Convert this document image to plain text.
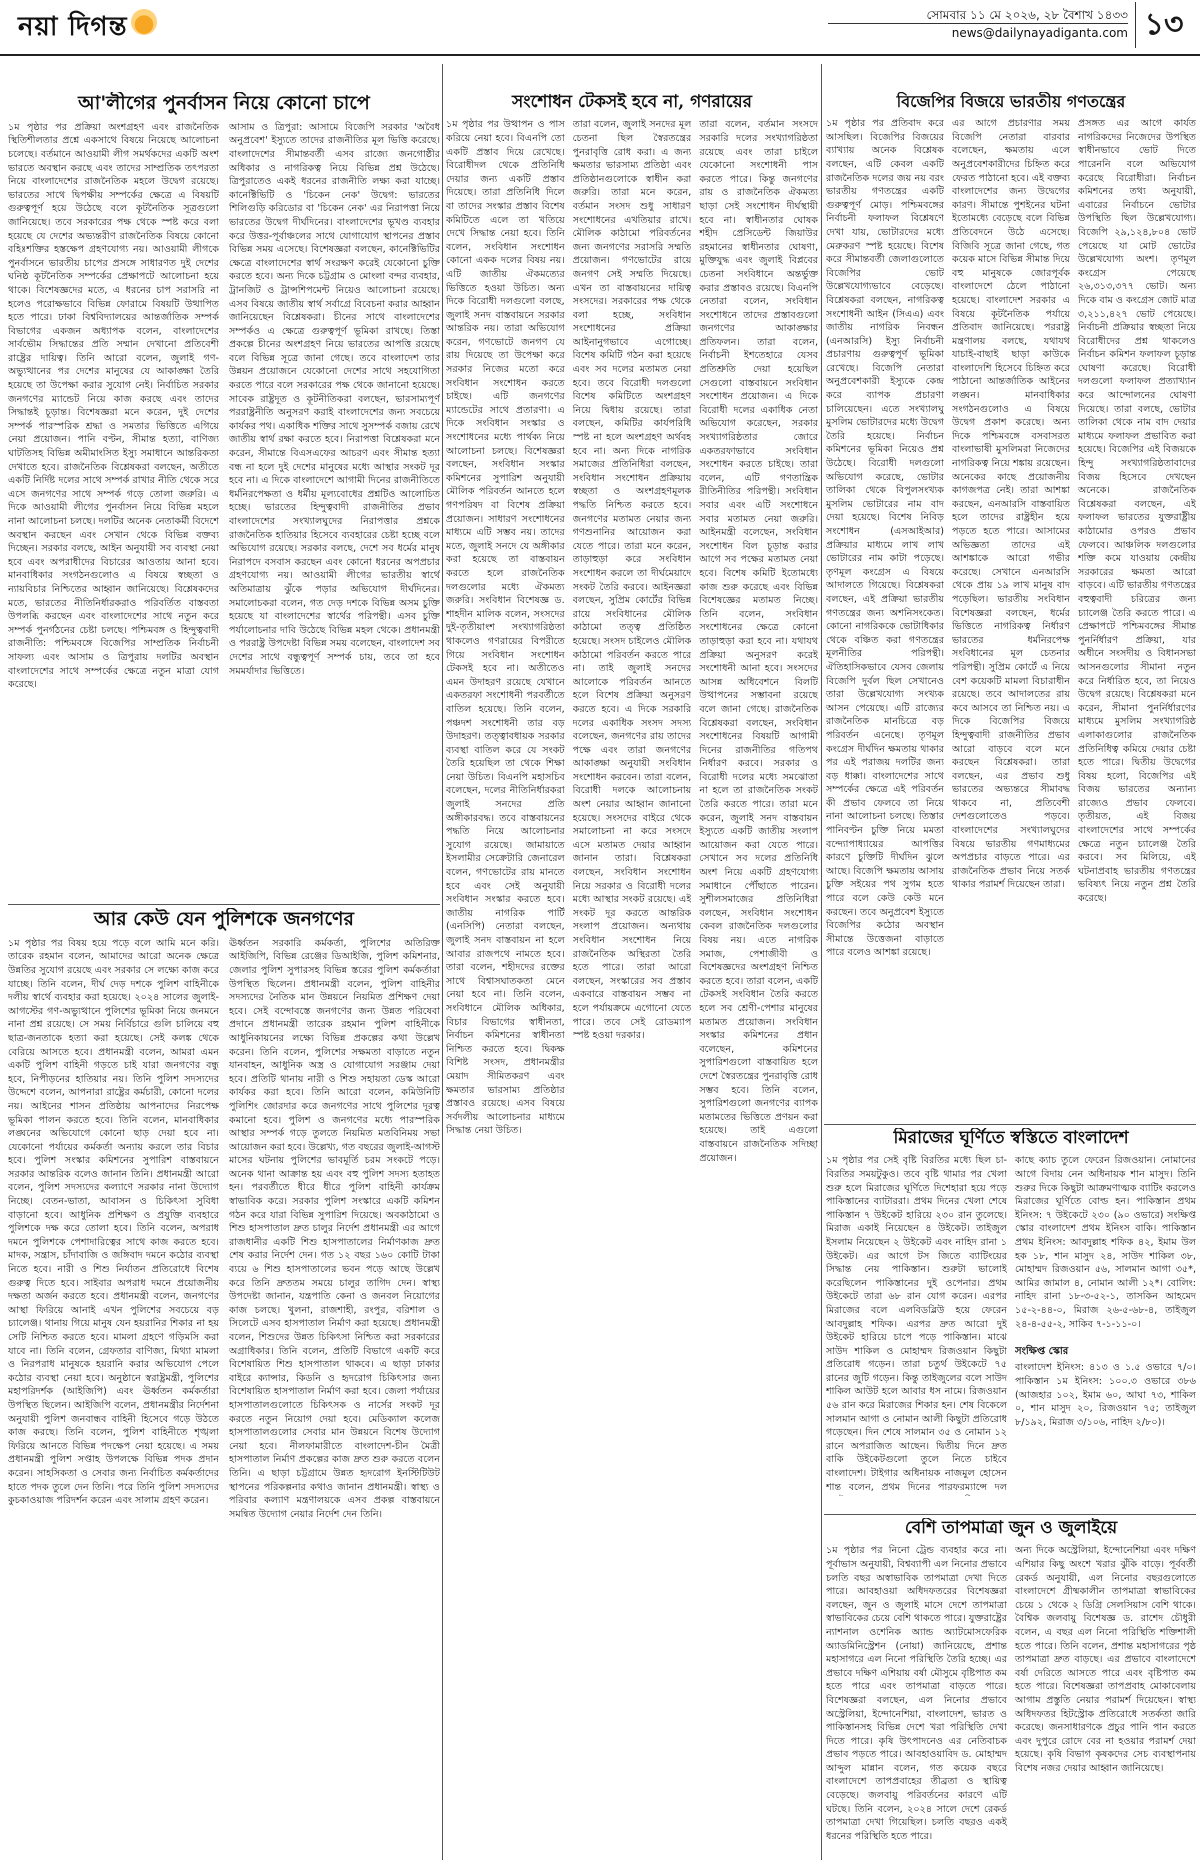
নয়া দিগন্ত	সোমবার ১১ মে ২০২৬, ২৮ বৈশাখ ১৪৩৩
news@dailynayadiganta.com ১৩
আ'লীগের পুনর্বাসন নিয়ে কোনো চাপে
১ম পৃষ্ঠার পর প্রক্রিয়া অংশগ্রহণ এবং রাজনৈতিক স্থিতিশীলতার প্রশ্নে একসাথে বিষয়ে নিয়েছে আলোচনা চলেছে। বর্তমানে আওয়ামী লীগ সমর্থকদের একটি অংশ ভারতে অবস্থান করছে এবং তাদের সাম্প্রতিক তৎপরতা নিয়ে বাংলাদেশের রাজনৈতিক মহলে উদ্বেগ রয়েছে। ভারতের সাথে দ্বিপক্ষীয় সম্পর্কের ক্ষেত্রে এ বিষয়টি গুরুত্বপূর্ণ হয়ে উঠেছে বলে কূটনৈতিক সূত্রগুলো জানিয়েছে। তবে সরকারের পক্ষ থেকে স্পষ্ট করে বলা হয়েছে যে দেশের অভ্যন্তরীণ রাজনৈতিক বিষয়ে কোনো বহিঃশক্তির হস্তক্ষেপ গ্রহণযোগ্য নয়। আওয়ামী লীগকে পুনর্বাসনে ভারতীয় চাপের প্রসঙ্গে সাধারণত দুই দেশের ঘনিষ্ঠ কূটনৈতিক সম্পর্কের প্রেক্ষাপটে আলোচনা হয়ে থাকে। বিশেষজ্ঞদের মতে, এ ধরনের চাপ সরাসরি না হলেও পরোক্ষভাবে বিভিন্ন ফোরামে বিষয়টি উত্থাপিত হতে পারে। ঢাকা বিশ্ববিদ্যালয়ের আন্তর্জাতিক সম্পর্ক বিভাগের একজন অধ্যাপক বলেন, বাংলাদেশের সার্বভৌম সিদ্ধান্তের প্রতি সম্মান দেখানো প্রতিবেশী রাষ্ট্রের দায়িত্ব। তিনি আরো বলেন, জুলাই গণ-অভ্যুত্থানের পর দেশের মানুষের যে আকাঙ্ক্ষা তৈরি হয়েছে তা উপেক্ষা করার সুযোগ নেই। নির্বাচিত সরকার জনগণের ম্যান্ডেট নিয়ে কাজ করছে এবং তাদের সিদ্ধান্তই চূড়ান্ত। বিশেষজ্ঞরা মনে করেন, দুই দেশের সম্পর্ক পারস্পরিক শ্রদ্ধা ও সমতার ভিত্তিতে এগিয়ে নেয়া প্রয়োজন। পানি বণ্টন, সীমান্ত হত্যা, বাণিজ্য ঘাটতিসহ বিভিন্ন অমীমাংসিত ইস্যু সমাধানে আন্তরিকতা দেখাতে হবে। রাজনৈতিক বিশ্লেষকরা বলছেন, অতীতে একটি নির্দিষ্ট দলের সাথে সম্পর্ক রাখার নীতি থেকে সরে এসে জনগণের সাথে সম্পর্ক গড়ে তোলা জরুরি। এ দিকে আওয়ামী লীগের পুনর্বাসন নিয়ে বিভিন্ন মহলে নানা আলোচনা চলছে। দলটির অনেক নেতাকর্মী বিদেশে অবস্থান করছেন এবং সেখান থেকে বিভিন্ন বক্তব্য দিচ্ছেন। সরকার বলছে, আইন অনুযায়ী সব ব্যবস্থা নেয়া হবে এবং অপরাধীদের বিচারের আওতায় আনা হবে। মানবাধিকার সংগঠনগুলোও এ বিষয়ে স্বচ্ছতা ও ন্যায়বিচার নিশ্চিতের আহ্বান জানিয়েছে। বিশ্লেষকদের মতে, ভারতের নীতিনির্ধারকরাও পরিবর্তিত বাস্তবতা উপলব্ধি করছেন এবং বাংলাদেশের সাথে নতুন করে সম্পর্ক পুনর্গঠনের চেষ্টা চলছে। পশ্চিমবঙ্গ ও হিন্দুত্ববাদী রাজনীতি: পশ্চিমবঙ্গে বিজেপির সাম্প্রতিক নির্বাচনী সাফল্য এবং আসাম ও ত্রিপুরায় দলটির অবস্থান বাংলাদেশের সাথে সম্পর্কের ক্ষেত্রে নতুন মাত্রা যোগ করেছে।
আসাম ও ত্রিপুরা: আসামে বিজেপি সরকার 'অবৈধ অনুপ্রবেশ' ইস্যুতে তাদের রাজনীতির মূল ভিত্তি করেছে। বাংলাদেশের সীমান্তবর্তী এসব রাজ্যে জনগোষ্ঠীর অধিকার ও নাগরিকত্ব নিয়ে বিভিন্ন প্রশ্ন উঠেছে। ত্রিপুরাতেও একই ধরনের রাজনীতি লক্ষ্য করা যাচ্ছে। কানেক্টিভিটি ও 'চিকেন নেক' উদ্বেগ: ভারতের শিলিগুড়ি করিডোর বা 'চিকেন নেক' এর নিরাপত্তা নিয়ে ভারতের উদ্বেগ দীর্ঘদিনের। বাংলাদেশের ভূখণ্ড ব্যবহার করে উত্তর-পূর্বাঞ্চলের সাথে যোগাযোগ স্থাপনের প্রস্তাব বিভিন্ন সময় এসেছে। বিশেষজ্ঞরা বলছেন, কানেক্টিভিটির ক্ষেত্রে বাংলাদেশের স্বার্থ সংরক্ষণ করেই যেকোনো চুক্তি করতে হবে। অন্য দিকে চট্টগ্রাম ও মোংলা বন্দর ব্যবহার, ট্রানজিট ও ট্রান্সশিপমেন্ট নিয়েও আলোচনা রয়েছে। এসব বিষয়ে জাতীয় স্বার্থ সর্বাগ্রে বিবেচনা করার আহ্বান জানিয়েছেন বিশ্লেষকরা। চীনের সাথে বাংলাদেশের সম্পর্কও এ ক্ষেত্রে গুরুত্বপূর্ণ ভূমিকা রাখছে। তিস্তা প্রকল্পে চীনের অংশগ্রহণ নিয়ে ভারতের আপত্তি রয়েছে বলে বিভিন্ন সূত্রে জানা গেছে। তবে বাংলাদেশ তার উন্নয়ন প্রয়োজনে যেকোনো দেশের সাথে সহযোগিতা করতে পারে বলে সরকারের পক্ষ থেকে জানানো হয়েছে। সাবেক রাষ্ট্রদূত ও কূটনীতিকরা বলছেন, ভারসাম্যপূর্ণ পররাষ্ট্রনীতি অনুসরণ করাই বাংলাদেশের জন্য সবচেয়ে কার্যকর পথ। একাধিক শক্তির সাথে সুসম্পর্ক বজায় রেখে জাতীয় স্বার্থ রক্ষা করতে হবে। নিরাপত্তা বিশ্লেষকরা মনে করেন, সীমান্তে বিএসএফের আচরণ এবং সীমান্ত হত্যা বন্ধ না হলে দুই দেশের মানুষের মধ্যে আস্থার সংকট দূর হবে না। এ দিকে বাংলাদেশে আগামী দিনের রাজনীতিতে ধর্মনিরপেক্ষতা ও ধর্মীয় মূল্যবোধের প্রশ্নটিও আলোচিত হচ্ছে। ভারতের হিন্দুত্ববাদী রাজনীতির প্রভাব বাংলাদেশের সংখ্যালঘুদের নিরাপত্তার প্রশ্নকে রাজনৈতিক হাতিয়ার হিসেবে ব্যবহারের চেষ্টা হচ্ছে বলে অভিযোগ রয়েছে। সরকার বলছে, দেশে সব ধর্মের মানুষ নিরাপদে বসবাস করছেন এবং কোনো ধরনের অপপ্রচার গ্রহণযোগ্য নয়। আওয়ামী লীগের ভারতীয় স্বার্থে অতিমাত্রায় ঝুঁকে পড়ার অভিযোগ দীর্ঘদিনের। সমালোচকরা বলেন, গত দেড় দশকে বিভিন্ন অসম চুক্তি হয়েছে যা বাংলাদেশের স্বার্থের পরিপন্থী। এসব চুক্তি পর্যালোচনার দাবি উঠেছে বিভিন্ন মহল থেকে। প্রধানমন্ত্রী ও পররাষ্ট্র উপদেষ্টা বিভিন্ন সময় বলেছেন, বাংলাদেশ সব দেশের সাথে বন্ধুত্বপূর্ণ সম্পর্ক চায়, তবে তা হবে সমমর্যাদার ভিত্তিতে।
আর কেউ যেন পুলিশকে জনগণের
১ম পৃষ্ঠার পর বিষয় হয়ে পড়ে বলে আমি মনে করি। তারেক রহমান বলেন, আমাদের আরো অনেক ক্ষেত্রে উন্নতির সুযোগ রয়েছে এবং সরকার সে লক্ষ্যে কাজ করে যাচ্ছে। তিনি বলেন, দীর্ঘ দেড় দশকে পুলিশ বাহিনীকে দলীয় স্বার্থে ব্যবহার করা হয়েছে। ২০২৪ সালের জুলাই-আগস্টের গণ-অভ্যুত্থানে পুলিশের ভূমিকা নিয়ে জনমনে নানা প্রশ্ন রয়েছে। সে সময় নির্বিচারে গুলি চালিয়ে বহু ছাত্র-জনতাকে হত্যা করা হয়েছে। সেই কলঙ্ক থেকে বেরিয়ে আসতে হবে। প্রধানমন্ত্রী বলেন, আমরা এমন একটি পুলিশ বাহিনী গড়তে চাই যারা জনগণের বন্ধু হবে, নিপীড়নের হাতিয়ার নয়। তিনি পুলিশ সদস্যদের উদ্দেশে বলেন, আপনারা রাষ্ট্রের কর্মচারী, কোনো দলের নয়। আইনের শাসন প্রতিষ্ঠায় আপনাদের নিরপেক্ষ ভূমিকা পালন করতে হবে। তিনি বলেন, মানবাধিকার লঙ্ঘনের অভিযোগে কোনো ছাড় দেয়া হবে না। যেকোনো পর্যায়ের কর্মকর্তা অন্যায় করলে তার বিচার হবে। পুলিশ সংস্কার কমিশনের সুপারিশ বাস্তবায়নে সরকার আন্তরিক বলেও জানান তিনি। প্রধানমন্ত্রী আরো বলেন, পুলিশ সদস্যদের কল্যাণে সরকার নানা উদ্যোগ নিচ্ছে। বেতন-ভাতা, আবাসন ও চিকিৎসা সুবিধা বাড়ানো হবে। আধুনিক প্রশিক্ষণ ও প্রযুক্তি ব্যবহারে পুলিশকে দক্ষ করে তোলা হবে। তিনি বলেন, অপরাধ দমনে পুলিশকে পেশাদারিত্বের সাথে কাজ করতে হবে। মাদক, সন্ত্রাস, চাঁদাবাজি ও জঙ্গিবাদ দমনে কঠোর ব্যবস্থা নিতে হবে। নারী ও শিশু নির্যাতন প্রতিরোধে বিশেষ গুরুত্ব দিতে হবে। সাইবার অপরাধ দমনে প্রয়োজনীয় দক্ষতা অর্জন করতে হবে। প্রধানমন্ত্রী বলেন, জনগণের আস্থা ফিরিয়ে আনাই এখন পুলিশের সবচেয়ে বড় চ্যালেঞ্জ। থানায় গিয়ে মানুষ যেন হয়রানির শিকার না হয় সেটি নিশ্চিত করতে হবে। মামলা গ্রহণে গড়িমসি করা যাবে না। তিনি বলেন, গ্রেফতার বাণিজ্য, মিথ্যা মামলা ও নিরপরাধ মানুষকে হয়রানি করার অভিযোগ পেলে কঠোর ব্যবস্থা নেয়া হবে। অনুষ্ঠানে স্বরাষ্ট্রমন্ত্রী, পুলিশের মহাপরিদর্শক (আইজিপি) এবং ঊর্ধ্বতন কর্মকর্তারা উপস্থিত ছিলেন। আইজিপি বলেন, প্রধানমন্ত্রীর নির্দেশনা অনুযায়ী পুলিশ জনবান্ধব বাহিনী হিসেবে গড়ে উঠতে কাজ করছে। তিনি বলেন, পুলিশ বাহিনীতে শৃঙ্খলা ফিরিয়ে আনতে বিভিন্ন পদক্ষেপ নেয়া হয়েছে। এ সময় প্রধানমন্ত্রী পুলিশ সপ্তাহ উপলক্ষে বিভিন্ন পদক প্রদান করেন। সাহসিকতা ও সেবার জন্য নির্বাচিত কর্মকর্তাদের হাতে পদক তুলে দেন তিনি। পরে তিনি পুলিশ সদস্যদের কুচকাওয়াজ পরিদর্শন করেন এবং সালাম গ্রহণ করেন।
ঊর্ধ্বতন সরকারি কর্মকর্তা, পুলিশের অতিরিক্ত আইজিপি, বিভিন্ন রেঞ্জের ডিআইজি, পুলিশ কমিশনার, জেলার পুলিশ সুপারসহ বিভিন্ন স্তরের পুলিশ কর্মকর্তারা উপস্থিত ছিলেন। প্রধানমন্ত্রী বলেন, পুলিশ বাহিনীর সদস্যদের নৈতিক মান উন্নয়নে নিয়মিত প্রশিক্ষণ দেয়া হবে। সেই বন্দোবস্তে জনগণের জন্য উন্নত পরিষেবা প্রদানে প্রধানমন্ত্রী তারেক রহমান পুলিশ বাহিনীকে আধুনিকায়নের লক্ষ্যে বিভিন্ন প্রকল্পের কথা উল্লেখ করেন। তিনি বলেন, পুলিশের সক্ষমতা বাড়াতে নতুন যানবাহন, আধুনিক অস্ত্র ও যোগাযোগ সরঞ্জাম দেয়া হবে। প্রতিটি থানায় নারী ও শিশু সহায়তা ডেস্ক আরো কার্যকর করা হবে। তিনি আরো বলেন, কমিউনিটি পুলিশিং জোরদার করে জনগণের সাথে পুলিশের দূরত্ব কমানো হবে। পুলিশ ও জনগণের মধ্যে পারস্পরিক আস্থার সম্পর্ক গড়ে তুলতে নিয়মিত মতবিনিময় সভা আয়োজন করা হবে। উল্লেখ্য, গত বছরের জুলাই-আগস্ট মাসের ঘটনায় পুলিশের ভাবমূর্তি চরম সংকটে পড়ে। অনেক থানা আক্রান্ত হয় এবং বহু পুলিশ সদস্য হতাহত হন। পরবর্তীতে ধীরে ধীরে পুলিশ বাহিনী কার্যক্রম স্বাভাবিক করে। সরকার পুলিশ সংস্কারে একটি কমিশন গঠন করে যারা বিভিন্ন সুপারিশ দিয়েছে। অবকাঠামো ও শিশু হাসপাতাল দ্রুত চালুর নির্দেশ প্রধানমন্ত্রী এর আগে রাজধানীর একটি শিশু হাসপাতালের নির্মাণকাজ দ্রুত শেষ করার নির্দেশ দেন। গত ১২ বছর ১৬০ কোটি টাকা ব্যয়ে ৬ শিশু হাসপাতালের ভবন পড়ে আছে উল্লেখ করে তিনি দ্রুততম সময়ে চালুর তাগিদ দেন। স্বাস্থ্য উপদেষ্টা জানান, যন্ত্রপাতি কেনা ও জনবল নিয়োগের কাজ চলছে। খুলনা, রাজশাহী, রংপুর, বরিশাল ও সিলেটে এসব হাসপাতাল নির্মাণ করা হয়েছে। প্রধানমন্ত্রী বলেন, শিশুদের উন্নত চিকিৎসা নিশ্চিত করা সরকারের অগ্রাধিকার। তিনি বলেন, প্রতিটি বিভাগে একটি করে বিশেষায়িত শিশু হাসপাতাল থাকবে। এ ছাড়া ঢাকার বাইরে ক্যান্সার, কিডনি ও হৃদরোগ চিকিৎসার জন্য বিশেষায়িত হাসপাতাল নির্মাণ করা হবে। জেলা পর্যায়ের হাসপাতালগুলোতে চিকিৎসক ও নার্সের সংকট দূর করতে নতুন নিয়োগ দেয়া হবে। মেডিক্যাল কলেজ হাসপাতালগুলোর সেবার মান উন্নয়নে বিশেষ উদ্যোগ নেয়া হবে। নীলফামারীতে বাংলাদেশ-চীন মৈত্রী হাসপাতাল নির্মাণ প্রকল্পের কাজ দ্রুত শুরু করতে বলেন তিনি। এ ছাড়া চট্টগ্রামে উন্নত হৃদরোগ ইনস্টিটিউট স্থাপনের পরিকল্পনার কথাও জানান প্রধানমন্ত্রী। স্বাস্থ্য ও পরিবার কল্যাণ মন্ত্রণালয়কে এসব প্রকল্প বাস্তবায়নে সমন্বিত উদ্যোগ নেয়ার নির্দেশ দেন তিনি।
সংশোধন টেকসই হবে না, গণরায়ের
১ম পৃষ্ঠার পর উত্থাপন ও পাস করিয়ে নেয়া হবে। বিএনপি তো একটি প্রস্তাব দিয়ে রেখেছে। বিরোধীদল থেকে প্রতিনিধি দেয়ার জন্য একটি প্রস্তাব দিয়েছে। তারা প্রতিনিধি দিলে বা তাদের সংস্কার প্রস্তাব বিশেষ কমিটিতে এলে তা খতিয়ে দেখে সিদ্ধান্ত নেয়া হবে। তিনি বলেন, সংবিধান সংশোধন কোনো একক দলের বিষয় নয়। এটি জাতীয় ঐকমত্যের ভিত্তিতে হওয়া উচিত। অন্য দিকে বিরোধী দলগুলো বলছে, জুলাই সনদ বাস্তবায়নে সরকার আন্তরিক নয়। তারা অভিযোগ করেন, গণভোটে জনগণ যে রায় দিয়েছে তা উপেক্ষা করে সরকার নিজের মতো করে সংবিধান সংশোধন করতে চাইছে। এটি জনগণের ম্যান্ডেটের সাথে প্রতারণা। এ দিকে সংবিধান সংস্কার ও সংশোধনের মধ্যে পার্থক্য নিয়ে আলোচনা চলছে। বিশেষজ্ঞরা বলছেন, সংবিধান সংস্কার কমিশনের সুপারিশ অনুযায়ী মৌলিক পরিবর্তন আনতে হলে গণপরিষদ বা বিশেষ প্রক্রিয়া প্রয়োজন। সাধারণ সংশোধনের মাধ্যমে এটি সম্ভব নয়। তাদের মতে, জুলাই সনদে যে অঙ্গীকার করা হয়েছে তা বাস্তবায়ন করতে হলে রাজনৈতিক দলগুলোর মধ্যে ঐকমত্য জরুরি। সংবিধান বিশেষজ্ঞ ড. শাহদীন মালিক বলেন, সংসদের দুই-তৃতীয়াংশ সংখ্যাগরিষ্ঠতা থাকলেও গণরায়ের বিপরীতে গিয়ে সংবিধান সংশোধন টেকসই হবে না। অতীতেও এমন উদাহরণ রয়েছে যেখানে একতরফা সংশোধনী পরবর্তীতে বাতিল হয়েছে। তিনি বলেন, পঞ্চদশ সংশোধনী তার বড় উদাহরণ। তত্ত্বাবধায়ক সরকার ব্যবস্থা বাতিল করে যে সংকট তৈরি হয়েছিল তা থেকে শিক্ষা নেয়া উচিত। বিএনপি মহাসচিব বলেছেন, দলের নীতিনির্ধারকরা জুলাই সনদের প্রতি অঙ্গীকারবদ্ধ। তবে বাস্তবায়নের পদ্ধতি নিয়ে আলোচনার সুযোগ রয়েছে। জামায়াতে ইসলামীর সেক্রেটারি জেনারেল বলেন, গণভোটের রায় মানতে হবে এবং সেই অনুযায়ী সংবিধান সংস্কার করতে হবে। জাতীয় নাগরিক পার্টি (এনসিপি) নেতারা বলছেন, জুলাই সনদ বাস্তবায়ন না হলে আবার রাজপথে নামতে হবে। তারা বলেন, শহীদদের রক্তের সাথে বিশ্বাসঘাতকতা মেনে নেয়া হবে না। তিনি বলেন, সংবিধানে মৌলিক অধিকার, বিচার বিভাগের স্বাধীনতা, নির্বাচন কমিশনের স্বাধীনতা নিশ্চিত করতে হবে। দ্বিকক্ষ বিশিষ্ট সংসদ, প্রধানমন্ত্রীর মেয়াদ সীমিতকরণ এবং ক্ষমতার ভারসাম্য প্রতিষ্ঠার প্রস্তাবও রয়েছে। এসব বিষয়ে সর্বদলীয় আলোচনার মাধ্যমে সিদ্ধান্ত নেয়া উচিত।
তারা বলেন, জুলাই সনদের মূল চেতনা ছিল স্বৈরতন্ত্রের পুনরাবৃত্তি রোধ করা। এ জন্য ক্ষমতার ভারসাম্য প্রতিষ্ঠা এবং প্রতিষ্ঠানগুলোকে স্বাধীন করা জরুরি। তারা মনে করেন, বর্তমান সংসদ শুধু সাধারণ সংশোধনের এখতিয়ার রাখে। মৌলিক কাঠামো পরিবর্তনের জন্য জনগণের সরাসরি সম্মতি প্রয়োজন। গণভোটের রায়ে জনগণ সেই সম্মতি দিয়েছে। এখন তা বাস্তবায়নের দায়িত্ব সংসদের। সরকারের পক্ষ থেকে বলা হচ্ছে, সংবিধান সংশোধনের প্রক্রিয়া আইনানুগভাবে এগোচ্ছে। বিশেষ কমিটি গঠন করা হয়েছে এবং সব দলের মতামত নেয়া হবে। তবে বিরোধী দলগুলো বিশেষ কমিটিতে অংশগ্রহণ নিয়ে দ্বিধায় রয়েছে। তারা বলছেন, কমিটির কার্যপরিধি স্পষ্ট না হলে অংশগ্রহণ অর্থবহ হবে না। অন্য দিকে নাগরিক সমাজের প্রতিনিধিরা বলছেন, সংবিধান সংশোধন প্রক্রিয়ায় স্বচ্ছতা ও অংশগ্রহণমূলক পদ্ধতি নিশ্চিত করতে হবে। জনগণের মতামত নেয়ার জন্য গণশুনানির আয়োজন করা যেতে পারে। তারা মনে করেন, তাড়াহুড়া করে সংবিধান সংশোধন করলে তা দীর্ঘমেয়াদে সংকট তৈরি করবে। আইনজ্ঞরা বলছেন, সুপ্রিম কোর্টের বিভিন্ন রায়ে সংবিধানের মৌলিক কাঠামো তত্ত্ব প্রতিষ্ঠিত হয়েছে। সংসদ চাইলেও মৌলিক কাঠামো পরিবর্তন করতে পারে না। তাই জুলাই সনদের আলোকে পরিবর্তন আনতে হলে বিশেষ প্রক্রিয়া অনুসরণ করতে হবে। এ দিকে সরকারি দলের একাধিক সংসদ সদস্য বলেছেন, জনগণের রায় তাদের পক্ষে এবং তারা জনগণের আকাঙ্ক্ষা অনুযায়ী সংবিধান সংশোধন করবেন। তারা বলেন, বিরোধী দলকে আলোচনায় অংশ নেয়ার আহ্বান জানানো হয়েছে। সংসদের বাইরে থেকে সমালোচনা না করে সংসদে এসে মতামত দেয়ার আহ্বান জানান তারা। বিশ্লেষকরা বলছেন, সংবিধান সংশোধন নিয়ে সরকার ও বিরোধী দলের মধ্যে আস্থার সংকট রয়েছে। এই সংকট দূর করতে আন্তরিক সংলাপ প্রয়োজন। অন্যথায় সংবিধান সংশোধন নিয়ে রাজনৈতিক অস্থিরতা তৈরি হতে পারে। তারা আরো বলছেন, সংস্কারের সব প্রস্তাব একবারে বাস্তবায়ন সম্ভব না হলে পর্যায়ক্রমে এগোনো যেতে পারে। তবে সেই রোডম্যাপ স্পষ্ট হওয়া দরকার।
তারা বলেন, বর্তমান সংসদে সরকারি দলের সংখ্যাগরিষ্ঠতা রয়েছে এবং তারা চাইলে যেকোনো সংশোধনী পাস করতে পারে। কিন্তু জনগণের রায় ও রাজনৈতিক ঐকমত্য ছাড়া সেই সংশোধন দীর্ঘস্থায়ী হবে না। স্বাধীনতার ঘোষক শহীদ প্রেসিডেন্ট জিয়াউর রহমানের স্বাধীনতার ঘোষণা, মুক্তিযুদ্ধ এবং জুলাই বিপ্লবের চেতনা সংবিধানে অন্তর্ভুক্ত করার প্রস্তাবও রয়েছে। বিএনপি নেতারা বলেন, সংবিধান সংশোধনে তাদের প্রস্তাবগুলো জনগণের আকাঙ্ক্ষার প্রতিফলন। তারা বলেন, নির্বাচনী ইশতেহারে যেসব প্রতিশ্রুতি দেয়া হয়েছিল সেগুলো বাস্তবায়নে সংবিধান সংশোধন প্রয়োজন। এ দিকে বিরোধী দলের একাধিক নেতা অভিযোগ করেছেন, সরকার সংখ্যাগরিষ্ঠতার জোরে একতরফাভাবে সংবিধান সংশোধন করতে চাইছে। তারা বলেন, এটি গণতান্ত্রিক রীতিনীতির পরিপন্থী। সংবিধান সবার এবং এটি সংশোধনে সবার মতামত নেয়া জরুরি। আইনমন্ত্রী বলেছেন, সংবিধান সংশোধন বিল চূড়ান্ত করার আগে সব পক্ষের মতামত নেয়া হবে। বিশেষ কমিটি ইতোমধ্যে কাজ শুরু করেছে এবং বিভিন্ন বিশেষজ্ঞের মতামত নিচ্ছে। তিনি বলেন, সংবিধান সংশোধনের ক্ষেত্রে কোনো তাড়াহুড়া করা হবে না। যথাযথ প্রক্রিয়া অনুসরণ করেই সংশোধনী আনা হবে। সংসদের আসন্ন অধিবেশনে বিলটি উত্থাপনের সম্ভাবনা রয়েছে বলে জানা গেছে। রাজনৈতিক বিশ্লেষকরা বলছেন, সংবিধান সংশোধনের বিষয়টি আগামী দিনের রাজনীতির গতিপথ নির্ধারণ করবে। সরকার ও বিরোধী দলের মধ্যে সমঝোতা না হলে তা রাজনৈতিক সংকট তৈরি করতে পারে। তারা মনে করেন, জুলাই সনদ বাস্তবায়ন ইস্যুতে একটি জাতীয় সংলাপ আয়োজন করা যেতে পারে। সেখানে সব দলের প্রতিনিধি অংশ নিয়ে একটি গ্রহণযোগ্য সমাধানে পৌঁছাতে পারেন। সুশীলসমাজের প্রতিনিধিরা বলছেন, সংবিধান সংশোধন কেবল রাজনৈতিক দলগুলোর বিষয় নয়। এতে নাগরিক সমাজ, পেশাজীবী ও বিশেষজ্ঞদের অংশগ্রহণ নিশ্চিত করতে হবে। তারা বলেন, একটি টেকসই সংবিধান তৈরি করতে হলে সব শ্রেণী-পেশার মানুষের মতামত প্রয়োজন। সংবিধান সংস্কার কমিশনের প্রধান বলেছেন, কমিশনের সুপারিশগুলো বাস্তবায়িত হলে দেশে স্বৈরতন্ত্রের পুনরাবৃত্তি রোধ সম্ভব হবে। তিনি বলেন, সুপারিশগুলো জনগণের ব্যাপক মতামতের ভিত্তিতে প্রণয়ন করা হয়েছে। তাই এগুলো বাস্তবায়নে রাজনৈতিক সদিচ্ছা প্রয়োজন।
বিজেপির বিজয়ে ভারতীয় গণতন্ত্রের
১ম পৃষ্ঠার পর প্রতিবাদ করে আসছিল। বিজেপির বিজয়ের ব্যাখ্যায় অনেক বিশ্লেষক বলছেন, এটি কেবল একটি রাজনৈতিক দলের জয় নয় বরং ভারতীয় গণতন্ত্রের একটি গুরুত্বপূর্ণ মোড়। পশ্চিমবঙ্গের নির্বাচনী ফলাফল বিশ্লেষণে দেখা যায়, ভোটারদের মধ্যে মেরুকরণ স্পষ্ট হয়েছে। বিশেষ করে সীমান্তবর্তী জেলাগুলোতে বিজেপির ভোট উল্লেখযোগ্যভাবে বেড়েছে। বিশ্লেষকরা বলছেন, নাগরিকত্ব সংশোধনী আইন (সিএএ) এবং জাতীয় নাগরিক নিবন্ধন (এনআরসি) ইস্যু নির্বাচনী প্রচারণায় গুরুত্বপূর্ণ ভূমিকা রেখেছে। বিজেপি নেতারা অনুপ্রবেশকারী ইস্যুকে কেন্দ্র করে ব্যাপক প্রচারণা চালিয়েছেন। এতে সংখ্যালঘু মুসলিম ভোটারদের মধ্যে উদ্বেগ তৈরি হয়েছে। নির্বাচন কমিশনের ভূমিকা নিয়েও প্রশ্ন উঠেছে। বিরোধী দলগুলো অভিযোগ করেছে, ভোটার তালিকা থেকে বিপুলসংখ্যক মুসলিম ভোটারের নাম বাদ দেয়া হয়েছে। বিশেষ নিবিড় সংশোধন (এসআইআর) প্রক্রিয়ার মাধ্যমে লাখ লাখ ভোটারের নাম কাটা পড়েছে। তৃণমূল কংগ্রেস এ বিষয়ে আদালতে গিয়েছে। বিশ্লেষকরা বলছেন, এই প্রক্রিয়া ভারতীয় গণতন্ত্রের জন্য অশনিসংকেত। কোনো নাগরিককে ভোটাধিকার থেকে বঞ্চিত করা গণতন্ত্রের মূলনীতির পরিপন্থী। ঐতিহাসিকভাবে যেসব জেলায় বিজেপি দুর্বল ছিল সেখানেও তারা উল্লেখযোগ্য সংখ্যক আসন পেয়েছে। এটি রাজ্যের রাজনৈতিক মানচিত্রে বড় পরিবর্তন এনেছে। তৃণমূল কংগ্রেস দীর্ঘদিন ক্ষমতায় থাকার পর এই পরাজয় দলটির জন্য বড় ধাক্কা। বাংলাদেশের সাথে সম্পর্কের ক্ষেত্রে এই পরিবর্তন কী প্রভাব ফেলবে তা নিয়ে নানা আলোচনা চলছে। তিস্তার পানিবণ্টন চুক্তি নিয়ে মমতা বন্দ্যোপাধ্যায়ের আপত্তির কারণে চুক্তিটি দীর্ঘদিন ঝুলে আছে। বিজেপি ক্ষমতায় আসায় চুক্তি সইয়ের পথ সুগম হতে পারে বলে কেউ কেউ মনে করছেন। তবে অনুপ্রবেশ ইস্যুতে বিজেপির কঠোর অবস্থান সীমান্তে উত্তেজনা বাড়াতে পারে বলেও আশঙ্কা রয়েছে।
এর আগে প্রচারণার সময় বিজেপি নেতারা বারবার বলেছেন, ক্ষমতায় এলে অনুপ্রবেশকারীদের চিহ্নিত করে ফেরত পাঠানো হবে। এই বক্তব্য বাংলাদেশের জন্য উদ্বেগের কারণ। সীমান্তে পুশইনের ঘটনা ইতোমধ্যে বেড়েছে বলে বিভিন্ন প্রতিবেদনে উঠে এসেছে। বিজিবি সূত্রে জানা গেছে, গত কয়েক মাসে বিভিন্ন সীমান্ত দিয়ে বহু মানুষকে জোরপূর্বক বাংলাদেশে ঠেলে পাঠানো হয়েছে। বাংলাদেশ সরকার এ বিষয়ে কূটনৈতিক পর্যায়ে প্রতিবাদ জানিয়েছে। পররাষ্ট্র মন্ত্রণালয় বলছে, যথাযথ যাচাই-বাছাই ছাড়া কাউকে বাংলাদেশি হিসেবে চিহ্নিত করে পাঠানো আন্তর্জাতিক আইনের লঙ্ঘন। মানবাধিকার সংগঠনগুলোও এ বিষয়ে উদ্বেগ প্রকাশ করেছে। অন্য দিকে পশ্চিমবঙ্গে বসবাসরত বাংলাভাষী মুসলিমরা নিজেদের নাগরিকত্ব নিয়ে শঙ্কায় রয়েছেন। অনেকের কাছে প্রয়োজনীয় কাগজপত্র নেই। তারা আশঙ্কা করছেন, এনআরসি বাস্তবায়িত হলে তাদের রাষ্ট্রহীন হয়ে পড়তে হতে পারে। আসামের অভিজ্ঞতা তাদের এই আশঙ্কাকে আরো গভীর করেছে। সেখানে এনআরসি থেকে প্রায় ১৯ লাখ মানুষ বাদ পড়েছিল। ভারতীয় সংবিধান বিশেষজ্ঞরা বলছেন, ধর্মের ভিত্তিতে নাগরিকত্ব নির্ধারণ ভারতের ধর্মনিরপেক্ষ সংবিধানের মূল চেতনার পরিপন্থী। সুপ্রিম কোর্টে এ নিয়ে বেশ কয়েকটি মামলা বিচারাধীন রয়েছে। তবে আদালতের রায় কবে আসবে তা নিশ্চিত নয়। এ দিকে বিজেপির বিজয়ে হিন্দুত্ববাদী রাজনীতির প্রভাব আরো বাড়বে বলে মনে করছেন বিশ্লেষকরা। তারা বলছেন, এর প্রভাব শুধু ভারতের অভ্যন্তরে সীমাবদ্ধ থাকবে না, প্রতিবেশী দেশগুলোতেও পড়বে। বাংলাদেশের সংখ্যালঘুদের বিষয়ে ভারতীয় গণমাধ্যমের অপপ্রচার বাড়তে পারে। এর রাজনৈতিক প্রভাব নিয়ে সতর্ক থাকার পরামর্শ দিয়েছেন তারা।
প্রসঙ্গত এর আগে কার্যত নাগরিকদের নিজেদের উপস্থিত স্বাধীনভাবে ভোট দিতে পারেননি বলে অভিযোগ করেছে বিরোধীরা। নির্বাচন কমিশনের তথ্য অনুযায়ী, এবারের নির্বাচনে ভোটার উপস্থিতি ছিল উল্লেখযোগ্য। বিজেপি ২৯,১২৪,৮০৪ ভোট পেয়েছে যা মোট ভোটের উল্লেখযোগ্য অংশ। তৃণমূল কংগ্রেস পেয়েছে ২৬,৩১৩,৩৭৭ ভোট। অন্য দিকে বাম ও কংগ্রেস জোট মাত্র ৩,২১১,৪২৭ ভোট পেয়েছে। নির্বাচনী প্রক্রিয়ার স্বচ্ছতা নিয়ে বিরোধীদের প্রশ্ন থাকলেও নির্বাচন কমিশন ফলাফল চূড়ান্ত ঘোষণা করেছে। বিরোধী দলগুলো ফলাফল প্রত্যাখ্যান করে আন্দোলনের ঘোষণা দিয়েছে। তারা বলছে, ভোটার তালিকা থেকে নাম বাদ দেয়ার মাধ্যমে ফলাফল প্রভাবিত করা হয়েছে। বিজেপির এই বিজয়কে হিন্দু সংখ্যাগরিষ্ঠতাবাদের বিজয় হিসেবে দেখছেন অনেকে। রাজনৈতিক বিশ্লেষকরা বলছেন, এই ফলাফল ভারতের যুক্তরাষ্ট্রীয় কাঠামোর ওপরও প্রভাব ফেলবে। আঞ্চলিক দলগুলোর শক্তি কমে যাওয়ায় কেন্দ্রীয় সরকারের ক্ষমতা আরো বাড়বে। এটি ভারতীয় গণতন্ত্রের বহুত্ববাদী চরিত্রের জন্য চ্যালেঞ্জ তৈরি করতে পারে। এ প্রেক্ষাপটে পশ্চিমবঙ্গের সীমান্ত পুনর্নির্ধারণ প্রক্রিয়া, যার অধীনে সংসদীয় ও বিধানসভা আসনগুলোর সীমানা নতুন করে নির্ধারিত হবে, তা নিয়েও উদ্বেগ রয়েছে। বিশ্লেষকরা মনে করেন, সীমানা পুনর্নির্ধারণের মাধ্যমে মুসলিম সংখ্যাগরিষ্ঠ এলাকাগুলোর রাজনৈতিক প্রতিনিধিত্ব কমিয়ে দেয়ার চেষ্টা হতে পারে। দ্বিতীয় উদ্বেগের বিষয় হলো, বিজেপির এই বিজয় ভারতের অন্যান্য রাজ্যেও প্রভাব ফেলবে। তৃতীয়ত, এই বিজয় বাংলাদেশের সাথে সম্পর্কের ক্ষেত্রে নতুন চ্যালেঞ্জ তৈরি করবে। সব মিলিয়ে, এই ঘটনাপ্রবাহ ভারতীয় গণতন্ত্রের ভবিষ্যৎ নিয়ে নতুন প্রশ্ন তৈরি করেছে।
মিরাজের ঘূর্ণিতে স্বস্তিতে বাংলাদেশ
১ম পৃষ্ঠার পর সেই বৃষ্টি বিরতির মধ্যে ছিল চা-বিরতির সময়টুকুও। তবে বৃষ্টি থামার পর খেলা শুরু হলে মিরাজের ঘূর্ণিতে দিশেহারা হয়ে পড়ে পাকিস্তানের ব্যাটাররা। প্রথম দিনের খেলা শেষে পাকিস্তান ৭ উইকেট হারিয়ে ২৩০ রান তুলেছে। মিরাজ একাই নিয়েছেন ৪ উইকেট। তাইজুল ইসলাম নিয়েছেন ২ উইকেট এবং নাহিদ রানা ১ উইকেট। এর আগে টস জিতে ব্যাটিংয়ের সিদ্ধান্ত নেয় পাকিস্তান। শুরুটা ভালোই করেছিলেন পাকিস্তানের দুই ওপেনার। প্রথম উইকেটে তারা ৬৮ রান যোগ করেন। এরপর মিরাজের বলে এলবিডব্লিউ হয়ে ফেরেন আবদুল্লাহ শফিক। এরপর দ্রুত আরো দুই উইকেট হারিয়ে চাপে পড়ে পাকিস্তান। মাঝে সাউদ শাকিল ও মোহাম্মদ রিজওয়ান কিছুটা প্রতিরোধ গড়েন। তারা চতুর্থ উইকেটে ৭৫ রানের জুটি গড়েন। কিন্তু তাইজুলের বলে সাউদ শাকিল আউট হলে আবার ধস নামে। রিজওয়ান ৫৬ রান করে মিরাজের শিকার হন। শেষ বিকেলে সালমান আগা ও নোমান আলী কিছুটা প্রতিরোধ গড়েছেন। দিন শেষে সালমান ৩৫ ও নোমান ১২ রানে অপরাজিত আছেন। দ্বিতীয় দিনে দ্রুত বাকি উইকেটগুলো তুলে নিতে চাইবে বাংলাদেশ। টাইগার অধিনায়ক নাজমুল হোসেন শান্ত বলেন, প্রথম দিনের পারফরম্যান্সে দল
কাছে ক্যাচ তুলে ফেরেন রিজওয়ান। নোমানের আগে বিদায় নেন অধিনায়ক শান মাসুদ। তিনি শুরুর দিকে কিছুটা আক্রমণাত্মক ব্যাটিং করলেও মিরাজের ঘূর্ণিতে বোল্ড হন। পাকিস্তান প্রথম ইনিংস: ৭ উইকেটে ২৩০ (৯০ ওভারে) সংক্ষিপ্ত স্কোর বাংলাদেশ প্রথম ইনিংস বাকি। পাকিস্তান প্রথম ইনিংস: আবদুল্লাহ শফিক ৪২, ইমাম উল হক ১৮, শান মাসুদ ২৪, সাউদ শাকিল ৩৮, মোহাম্মদ রিজওয়ান ৫৬, সালমান আগা ৩৫*, আমির জামাল ৪, নোমান আলী ১২*। বোলিং: নাহিদ রানা ১৮-৩-৫২-১, তাসকিন আহমেদ ১৫-২-৪৪-০, মিরাজ ২৬-৫-৬৮-৪, তাইজুল ২৪-৪-৫৫-২, সাকিব ৭-১-১১-০।
সংক্ষিপ্ত স্কোর
বাংলাদেশ ইনিংস: ৪১৩ ও ১.৫ ওভারে ৭/০। পাকিস্তান ১ম ইনিংস: ১০০.৩ ওভারে ৩৮৬ (আজহার ১০২, ইমাম ৬০, আঘা ৭৩, শাকিল ০, শান মাসুদ ২০, রিজওয়ান ৭৫; তাইজুল ৮/১৯২, মিরাজ ৩/১০৬, নাহিদ ২/৮০)।
বেশি তাপমাত্রা জুন ও জুলাইয়ে
১ম পৃষ্ঠার পর নিনো ট্রেন্ড ব্যবহার করে না। পূর্বাভাস অনুযায়ী, বিশ্বব্যাপী এল নিনোর প্রভাবে চলতি বছর অস্বাভাবিক তাপমাত্রা দেখা দিতে পারে। আবহাওয়া অধিদফতরের বিশেষজ্ঞরা বলছেন, জুন ও জুলাই মাসে দেশে তাপমাত্রা স্বাভাবিকের চেয়ে বেশি থাকতে পারে। যুক্তরাষ্ট্রের ন্যাশনাল ওশেনিক অ্যান্ড অ্যাটমোসফেরিক অ্যাডমিনিস্ট্রেশন (নোয়া) জানিয়েছে, প্রশান্ত মহাসাগরে এল নিনো পরিস্থিতি তৈরি হচ্ছে। এর প্রভাবে দক্ষিণ এশিয়ায় বর্ষা মৌসুমে বৃষ্টিপাত কম হতে পারে এবং তাপমাত্রা বাড়তে পারে। বিশেষজ্ঞরা বলছেন, এল নিনোর প্রভাবে অস্ট্রেলিয়া, ইন্দোনেশিয়া, বাংলাদেশ, ভারত ও পাকিস্তানসহ বিভিন্ন দেশে খরা পরিস্থিতি দেখা দিতে পারে। কৃষি উৎপাদনেও এর নেতিবাচক প্রভাব পড়তে পারে। আবহাওয়াবিদ ড. মোহাম্মদ আব্দুল মান্নান বলেন, গত কয়েক বছরে বাংলাদেশে তাপপ্রবাহের তীব্রতা ও স্থায়িত্ব বেড়েছে। জলবায়ু পরিবর্তনের কারণে এটি ঘটছে। তিনি বলেন, ২০২৪ সালে দেশে রেকর্ড তাপমাত্রা দেখা গিয়েছিল। চলতি বছরও একই ধরনের পরিস্থিতি হতে পারে।
অন্য দিকে অস্ট্রেলিয়া, ইন্দোনেশিয়া এবং দক্ষিণ এশিয়ার কিছু অংশে খরার ঝুঁকি বাড়ে। পূর্ববর্তী রেকর্ড অনুযায়ী, এল নিনোর বছরগুলোতে বাংলাদেশে গ্রীষ্মকালীন তাপমাত্রা স্বাভাবিকের চেয়ে ১ থেকে ২ ডিগ্রি সেলসিয়াস বেশি থাকে। বৈশ্বিক জলবায়ু বিশেষজ্ঞ ড. রাশেদ চৌধুরী বলেন, এ বছর এল নিনো পরিস্থিতি শক্তিশালী হতে পারে। তিনি বলেন, প্রশান্ত মহাসাগরের পৃষ্ঠ তাপমাত্রা দ্রুত বাড়ছে। এর প্রভাবে বাংলাদেশে বর্ষা দেরিতে আসতে পারে এবং বৃষ্টিপাত কম হতে পারে। বিশেষজ্ঞরা তাপপ্রবাহ মোকাবেলায় আগাম প্রস্তুতি নেয়ার পরামর্শ দিয়েছেন। স্বাস্থ্য অধিদফতর হিটস্ট্রোক প্রতিরোধে সতর্কতা জারি করেছে। জনসাধারণকে প্রচুর পানি পান করতে এবং দুপুরে রোদে বের না হওয়ার পরামর্শ দেয়া হয়েছে। কৃষি বিভাগ কৃষকদের সেচ ব্যবস্থাপনায় বিশেষ নজর দেয়ার আহ্বান জানিয়েছে।
